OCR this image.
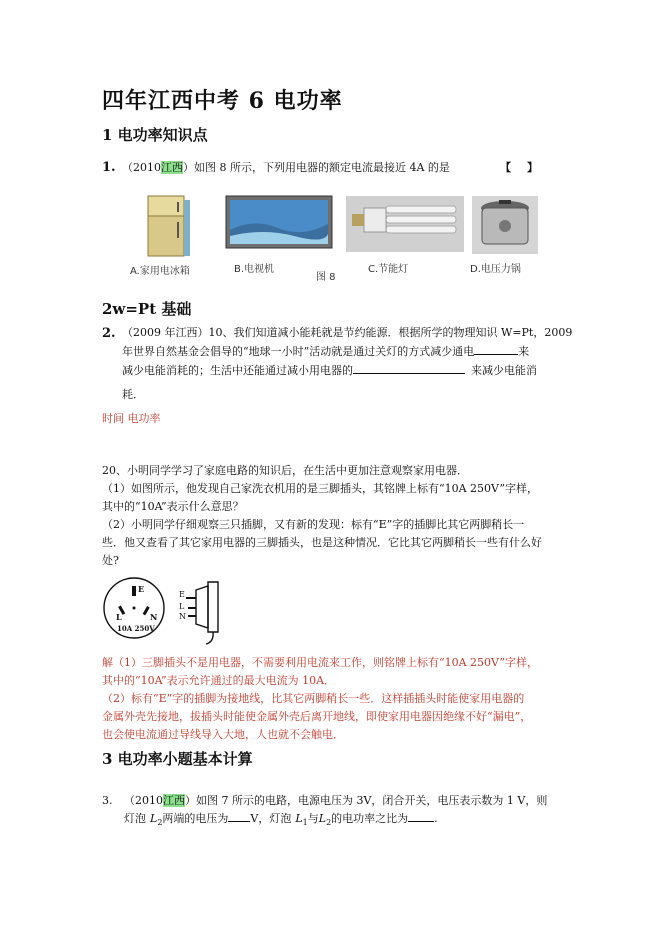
四年江西中考 6 电功率
1 电功率知识点
1. （2010江西）如图 8 所示，下列用电器的额定电流最接近 4A 的是	【 】
A.家用电冰箱	B.电视机
图 8
C.节能灯	D.电压力锅
2w=Pt 基础
2. （2009 年江西）10、我们知道减小能耗就是节约能源．根据所学的物理知识 W=Pt，2009
年世界自然基金会倡导的“地球一小时”活动就是通过关灯的方式减少通电	来
减少电能消耗的；生活中还能通过减小用电器的	来减少电能消
耗．
时间 电功率
20、小明同学学习了家庭电路的知识后，在生活中更加注意观察家用电器．
（1）如图所示，他发现自己家洗衣机用的是三脚插头，其铭牌上标有“10A 250V”字样，
其中的“10A”表示什么意思？
（2）小明同学仔细观察三只插脚，又有新的发现：标有“E”字的插脚比其它两脚稍长一
些．他又查看了其它家用电器的三脚插头，也是这种情况．它比其它两脚稍长一些有什么好
处?
E
L	N
10A 250V
E
L
N
解（1）三脚插头不是用电器，不需要利用电流来工作，则铭牌上标有“10A 250V”字样，
其中的“10A”表示允许通过的最大电流为 10A．
（2）标有“E”字的插脚为接地线，比其它两脚稍长一些．这样插插头时能使家用电器的
金属外壳先接地，拔插头时能使金属外壳后离开地线，即使家用电器因绝缘不好“漏电”，
也会使电流通过导线导入大地，人也就不会触电．
3 电功率小题基本计算
3. （2010江西）如图 7 所示的电路，电源电压为 3V，闭合开关，电压表示数为 1 V，则
灯泡 $L_2$两端的电压为 V，灯泡 $L_1$与$L_2$的电功率之比为 .
